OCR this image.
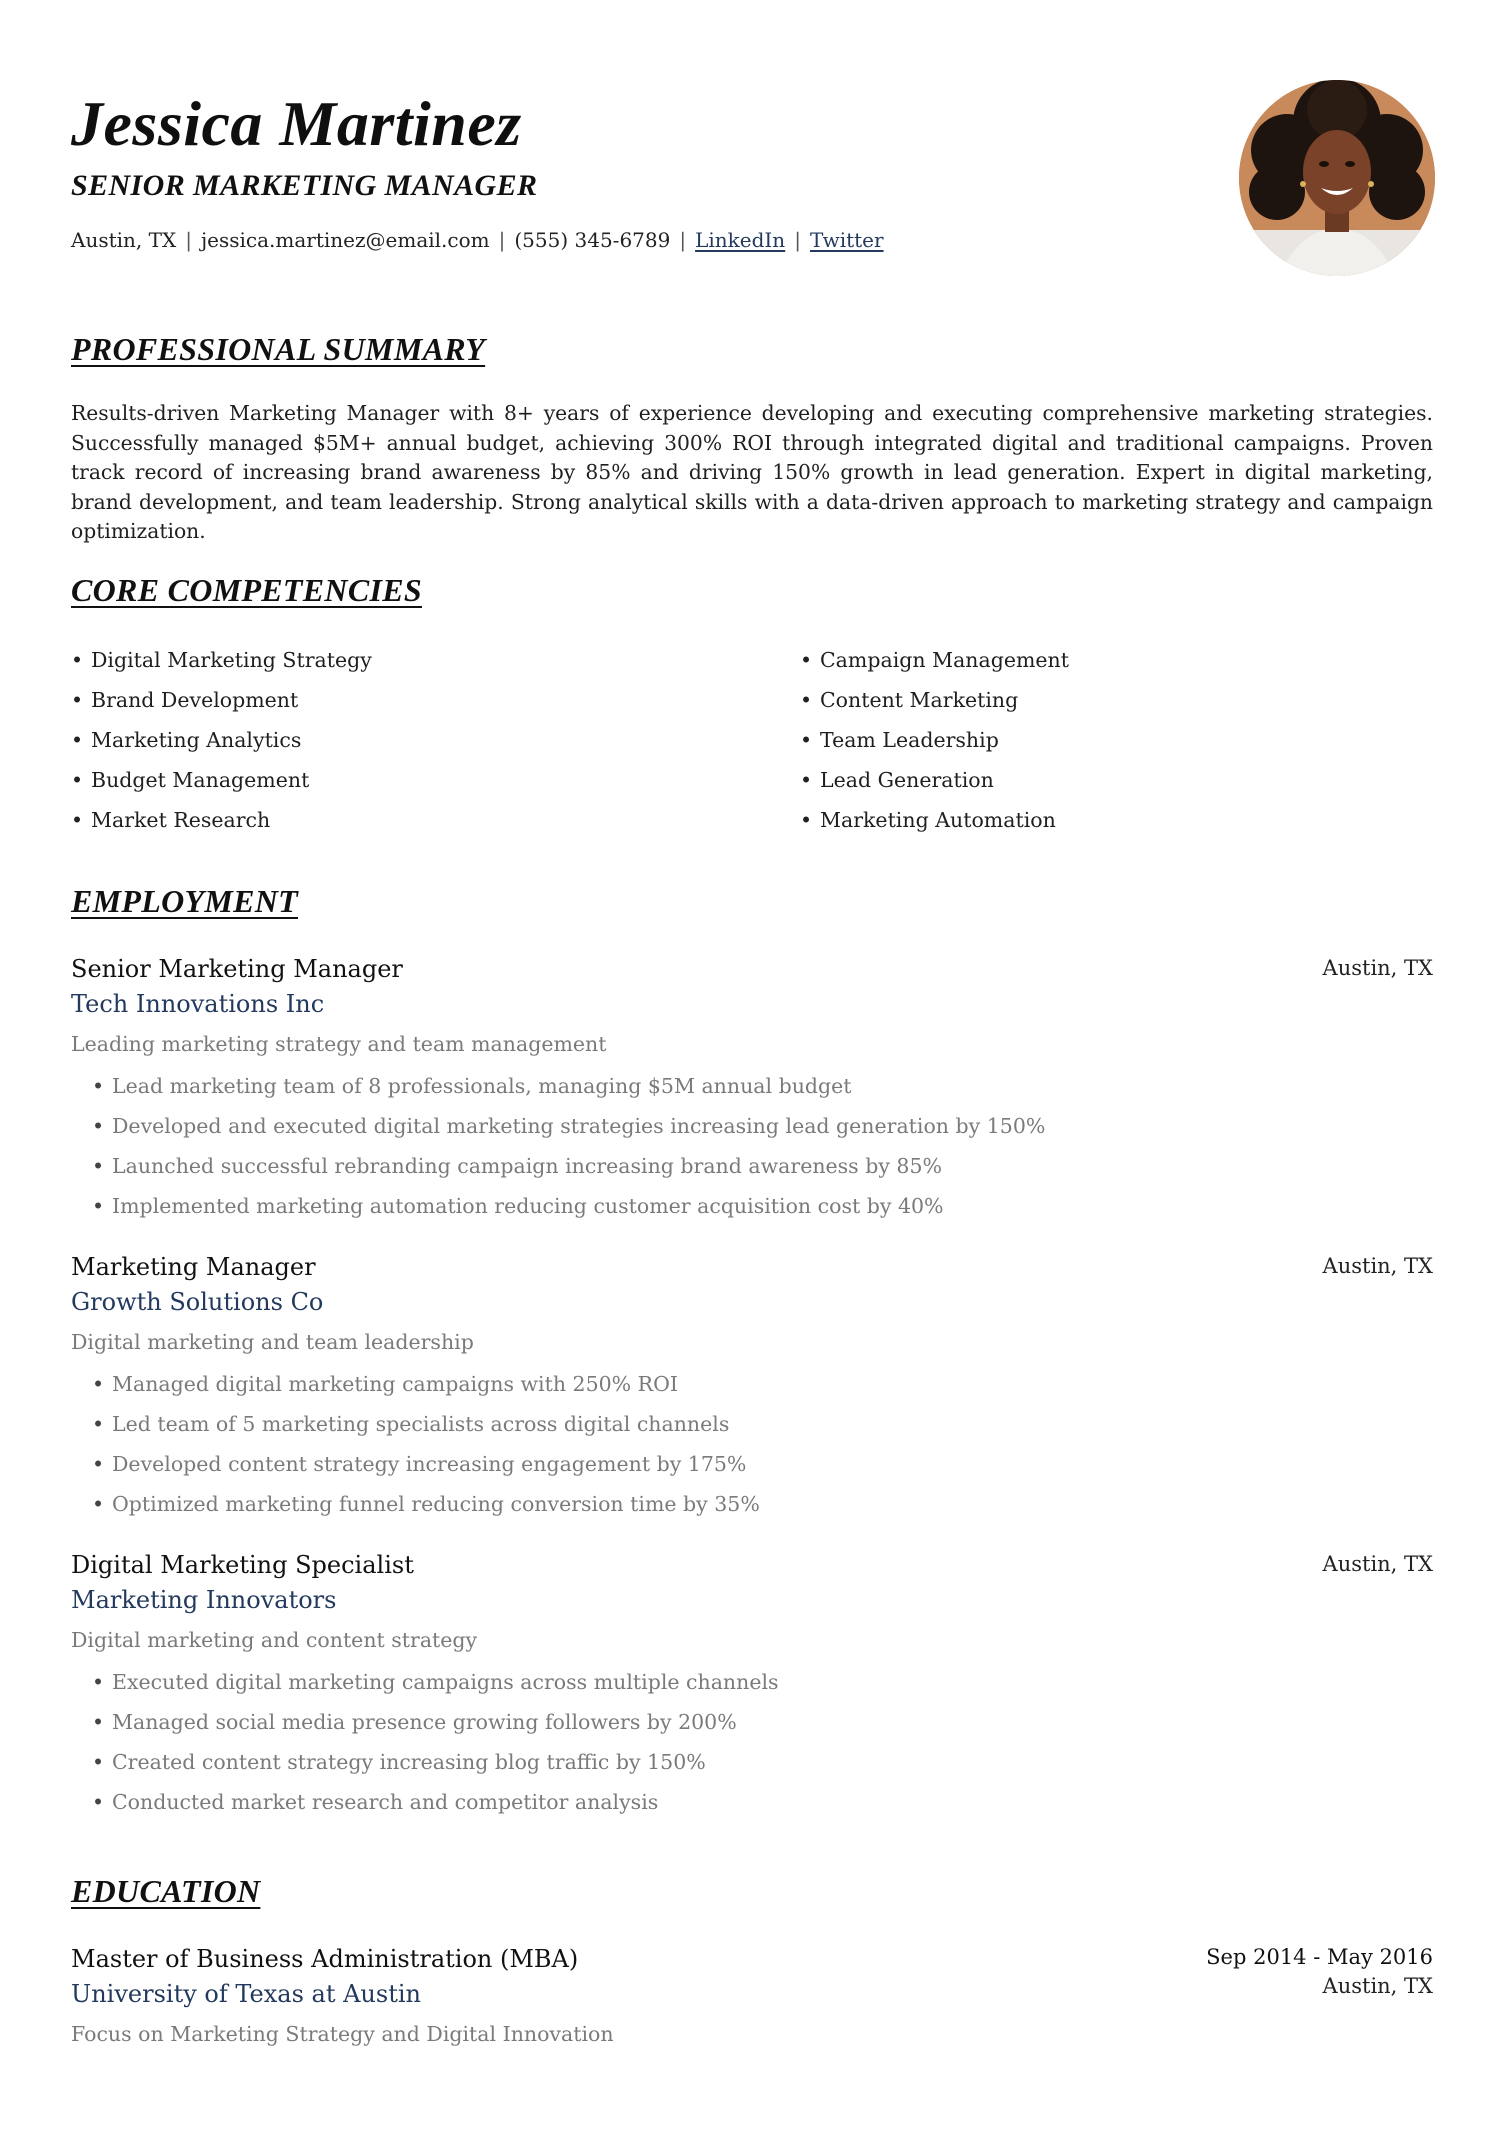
Jessica Martinez
SENIOR MARKETING MANAGER
Austin, TX | jessica.martinez@email.com | (555) 345-6789 | LinkedIn | Twitter
PROFESSIONAL SUMMARY
Results-driven Marketing Manager with 8+ years of experience developing and executing comprehensive marketing strategies. Successfully managed $5M+ annual budget, achieving 300% ROI through integrated digital and traditional campaigns. Proven track record of increasing brand awareness by 85% and driving 150% growth in lead generation. Expert in digital marketing, brand development, and team leadership. Strong analytical skills with a data-driven approach to marketing strategy and campaign optimization.
CORE COMPETENCIES
• Digital Marketing Strategy
• Brand Development
• Marketing Analytics
• Budget Management
• Market Research
• Campaign Management
• Content Marketing
• Team Leadership
• Lead Generation
• Marketing Automation
EMPLOYMENT
Senior Marketing Manager	Austin, TX
Tech Innovations Inc
Leading marketing strategy and team management
• Lead marketing team of 8 professionals, managing $5M annual budget
• Developed and executed digital marketing strategies increasing lead generation by 150%
• Launched successful rebranding campaign increasing brand awareness by 85%
• Implemented marketing automation reducing customer acquisition cost by 40%
Marketing Manager	Austin, TX
Growth Solutions Co
Digital marketing and team leadership
• Managed digital marketing campaigns with 250% ROI
• Led team of 5 marketing specialists across digital channels
• Developed content strategy increasing engagement by 175%
• Optimized marketing funnel reducing conversion time by 35%
Digital Marketing Specialist	Austin, TX
Marketing Innovators
Digital marketing and content strategy
• Executed digital marketing campaigns across multiple channels
• Managed social media presence growing followers by 200%
• Created content strategy increasing blog traffic by 150%
• Conducted market research and competitor analysis
EDUCATION
Master of Business Administration (MBA)	Sep 2014 - May 2016
University of Texas at Austin	Austin, TX
Focus on Marketing Strategy and Digital Innovation
